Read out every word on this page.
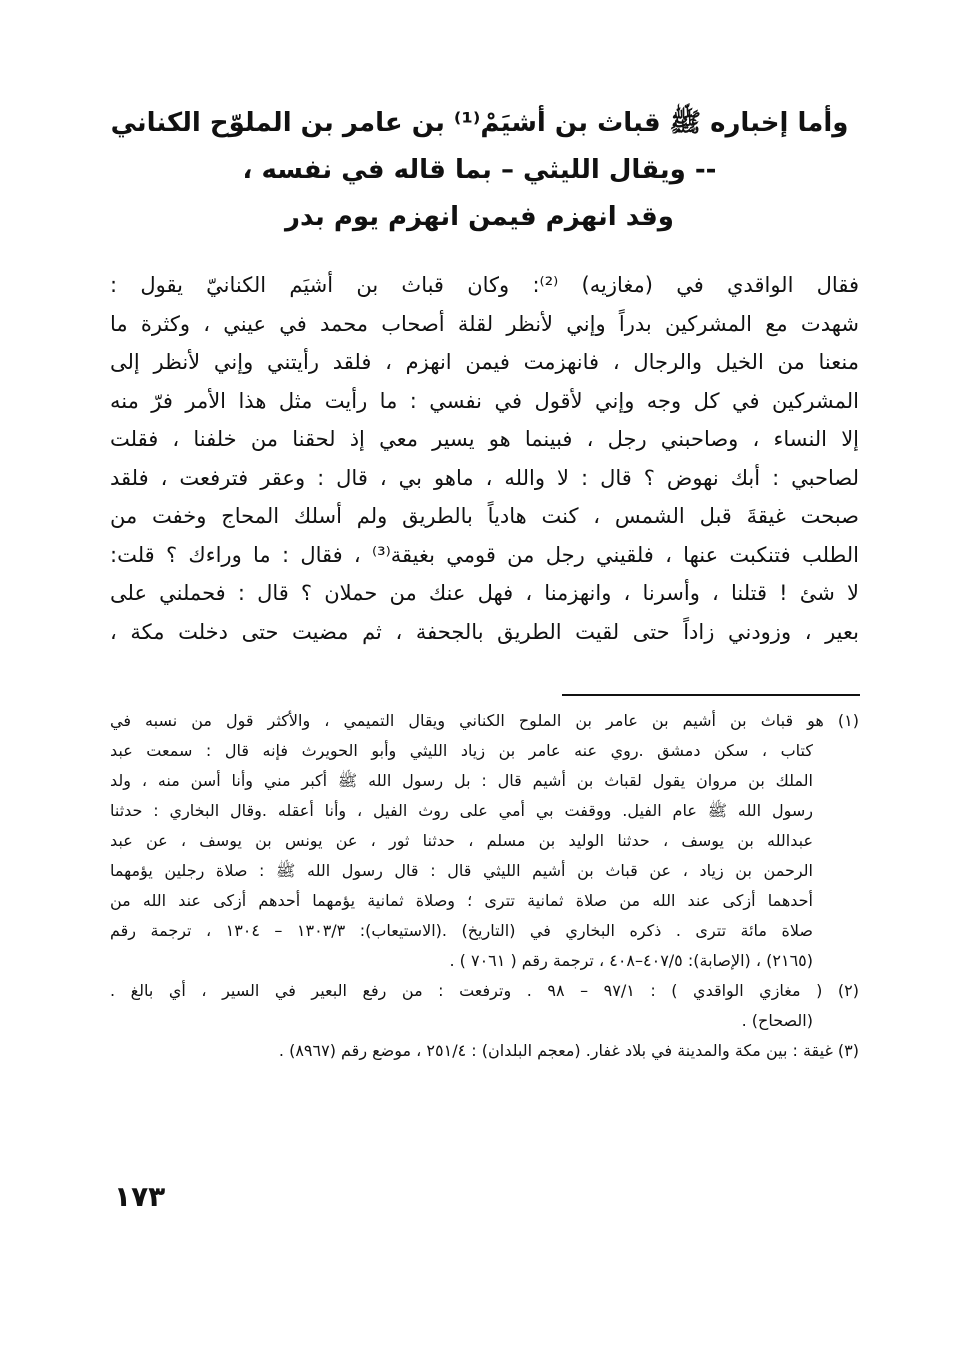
وأما إخباره ﷺ قباث بن أشيَمْ⁽¹⁾ بن عامر بن الملوّح الكناني
-- ويقال الليثي – بما قاله في نفسه ،
وقد انهزم فيمن انهزم يوم بدر
فقال الواقدي في (مغازيه) ⁽²⁾: وكان قباث بن أشيَم الكنانيّ يقول :
شهدت مع المشركين بدراً وإني لأنظر لقلة أصحاب محمد في عيني ، وكثرة ما
منعنا من الخيل والرجال ، فانهزمت فيمن انهزم ، فلقد رأيتني وإني لأنظر إلى
المشركين في كل وجه وإني لأقول في نفسي : ما رأيت مثل هذا الأمر فرّ منه
إلا النساء ، وصاحبني رجل ، فبينما هو يسير معي إذ لحقنا من خلفنا ، فقلت
لصاحبي : أبك نهوض ؟ قال : لا والله ، ماهو بي ، قال : وعقر فترفعت ، فلقد
صبحت غيقةَ قبل الشمس ، كنت هادياً بالطريق ولم أسلك المحاج وخفت من
الطلب فتنكبت عنها ، فلقيني رجل من قومي بغيقة⁽³⁾ ، فقال : ما وراءك ؟ قلت:
لا شئ ! قتلنا ، وأسرنا ، وانهزمنا ، فهل عنك من حملان ؟ قال : فحملني على
بعير ، وزودني زاداً حتى لقيت الطريق بالجحفة ، ثم مضيت حتى دخلت مكة ،
(١) هو قباث بن أشيم بن عامر بن الملوح الكناني ويقال التميمي ، والأكثر قول من نسبه في
كتاب ، سكن دمشق .روي عنه عامر بن زياد الليثي وأبو الحويرث فإنه قال : سمعت عبد
الملك بن مروان يقول لقباث بن أشيم قال : بل رسول الله ﷺ أكبر مني وأنا أسن منه ، ولد
رسول الله ﷺ عام الفيل. ووقفت بي أمي على روث الفيل ، وأنا أعقله .وقال البخاري : حدثنا
عبدالله بن يوسف ، حدثنا الوليد بن مسلم ، حدثنا ثور ، عن يونس بن يوسف ، عن عبد
الرحمن بن زياد ، عن قباث بن أشيم الليثي قال : قال رسول الله ﷺ : صلاة رجلين يؤمهما
أحدهما أزكى عند الله من صلاة ثمانية تترى ؛ وصلاة ثمانية يؤمهما أحدهم أزكى عند الله من
صلاة مائة تترى . ذكره البخاري في (التاريخ) .(الاستيعاب): ١٣٠٣/٣ – ١٣٠٤ ، ترجمة رقم
(٢١٦٥) ، (الإصابة): ٤٠٧/٥–٤٠٨ ، ترجمة رقم ( ٧٠٦١ ) .
(٢) ( مغازي الواقدي ) : ٩٧/١ – ٩٨ . وترفعت : من رفع البعير في السير ، أي بالغ .
(الصحاح) .
(٣) غيقة : بين مكة والمدينة في بلاد غفار. (معجم البلدان) : ٢٥١/٤ ، موضع رقم (٨٩٦٧) .
١٧٣
